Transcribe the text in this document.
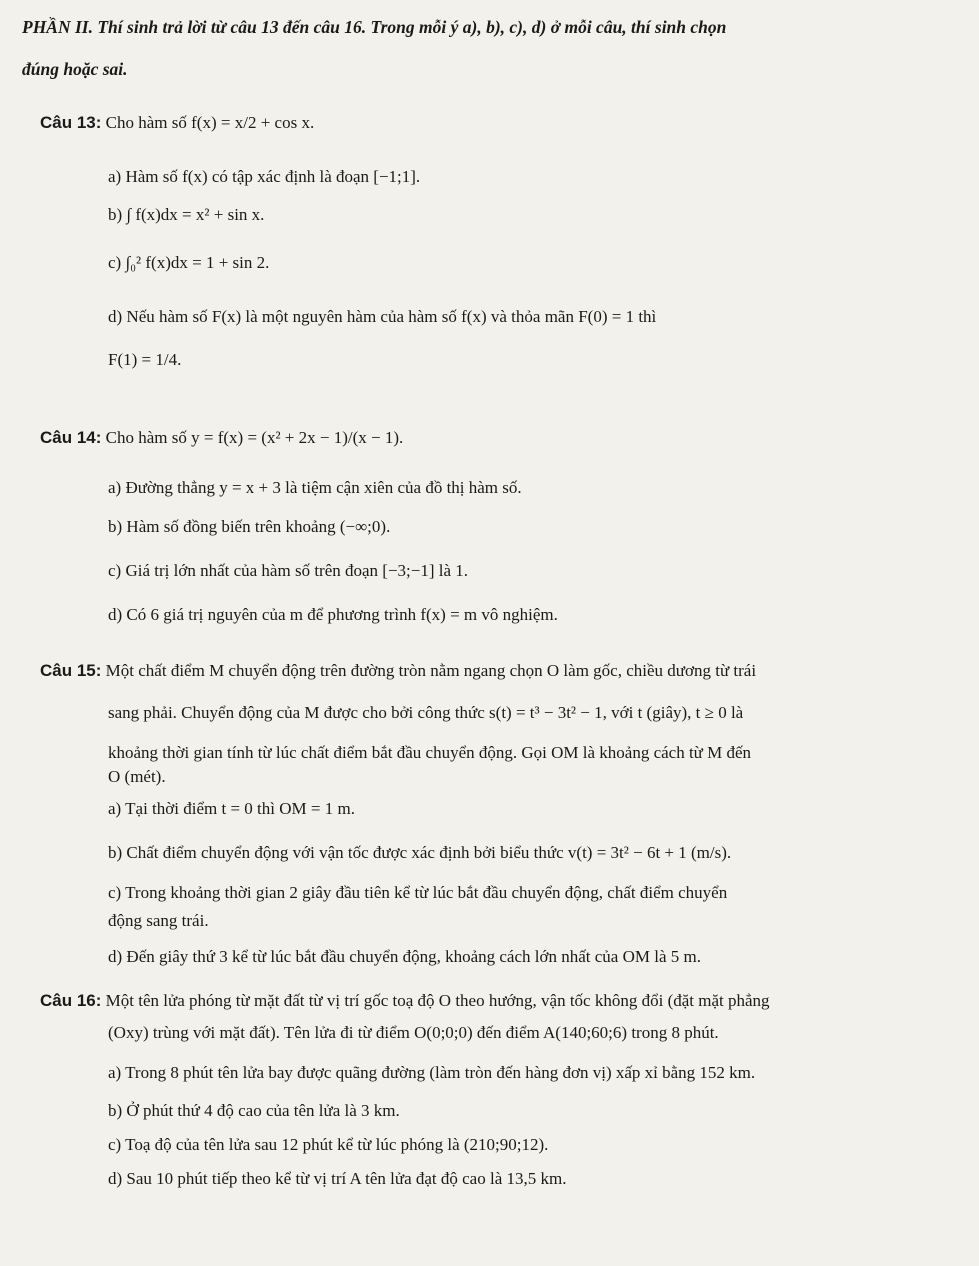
PHẦN II. Thí sinh trả lời từ câu 13 đến câu 16. Trong mỗi ý a), b), c), d) ở mỗi câu, thí sinh chọn
đúng hoặc sai.
Câu 13: Cho hàm số f(x) = x/2 + cos x.
a) Hàm số f(x) có tập xác định là đoạn [−1;1].
b) ∫ f(x)dx = x² + sin x.
c) ∫₀² f(x)dx = 1 + sin 2.
d) Nếu hàm số F(x) là một nguyên hàm của hàm số f(x) và thỏa mãn F(0) = 1 thì
F(1) = 1/4.
Câu 14: Cho hàm số y = f(x) = (x² + 2x − 1)/(x − 1).
a) Đường thẳng y = x + 3 là tiệm cận xiên của đồ thị hàm số.
b) Hàm số đồng biến trên khoảng (−∞;0).
c) Giá trị lớn nhất của hàm số trên đoạn [−3;−1] là 1.
d) Có 6 giá trị nguyên của m để phương trình f(x) = m vô nghiệm.
Câu 15: Một chất điểm M chuyển động trên đường tròn nằm ngang chọn O làm gốc, chiều dương từ trái
sang phải. Chuyển động của M được cho bởi công thức s(t) = t³ − 3t² − 1, với t (giây), t ≥ 0 là
khoảng thời gian tính từ lúc chất điểm bắt đầu chuyển động. Gọi OM là khoảng cách từ M đến
O (mét).
a) Tại thời điểm t = 0 thì OM = 1 m.
b) Chất điểm chuyển động với vận tốc được xác định bởi biểu thức v(t) = 3t² − 6t + 1 (m/s).
c) Trong khoảng thời gian 2 giây đầu tiên kể từ lúc bắt đầu chuyển động, chất điểm chuyển
động sang trái.
d) Đến giây thứ 3 kể từ lúc bắt đầu chuyển động, khoảng cách lớn nhất của OM là 5 m.
Câu 16: Một tên lửa phóng từ mặt đất từ vị trí gốc toạ độ O theo hướng, vận tốc không đổi (đặt mặt phẳng
(Oxy) trùng với mặt đất). Tên lửa đi từ điểm O(0;0;0) đến điểm A(140;60;6) trong 8 phút.
a) Trong 8 phút tên lửa bay được quãng đường (làm tròn đến hàng đơn vị) xấp xỉ bằng 152 km.
b) Ở phút thứ 4 độ cao của tên lửa là 3 km.
c) Toạ độ của tên lửa sau 12 phút kể từ lúc phóng là (210;90;12).
d) Sau 10 phút tiếp theo kể từ vị trí A tên lửa đạt độ cao là 13,5 km.
